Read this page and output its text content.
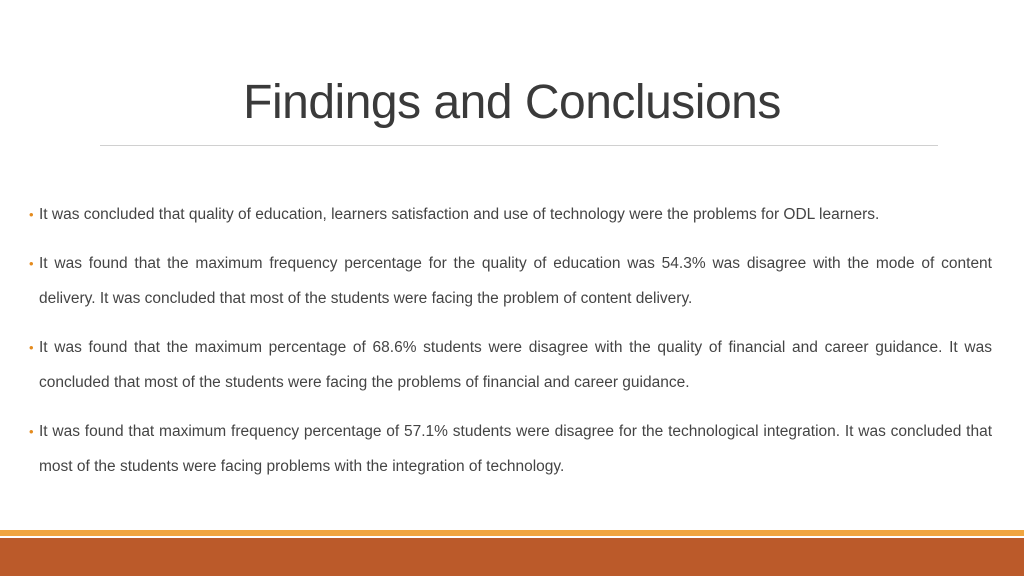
Findings and Conclusions
• It was concluded that quality of education, learners satisfaction and use of technology were the problems for ODL learners.
• It was found that the maximum frequency percentage for the quality of education was 54.3% was disagree with the mode of content delivery. It was concluded that most of the students were facing the problem of content delivery.
• It was found that the maximum percentage of 68.6% students were disagree with the quality of financial and career guidance. It was concluded that most of the students were facing the problems of financial and career guidance.
• It was found that maximum frequency percentage of 57.1% students were disagree for the technological integration. It was concluded that most of the students were facing problems with the integration of technology.
